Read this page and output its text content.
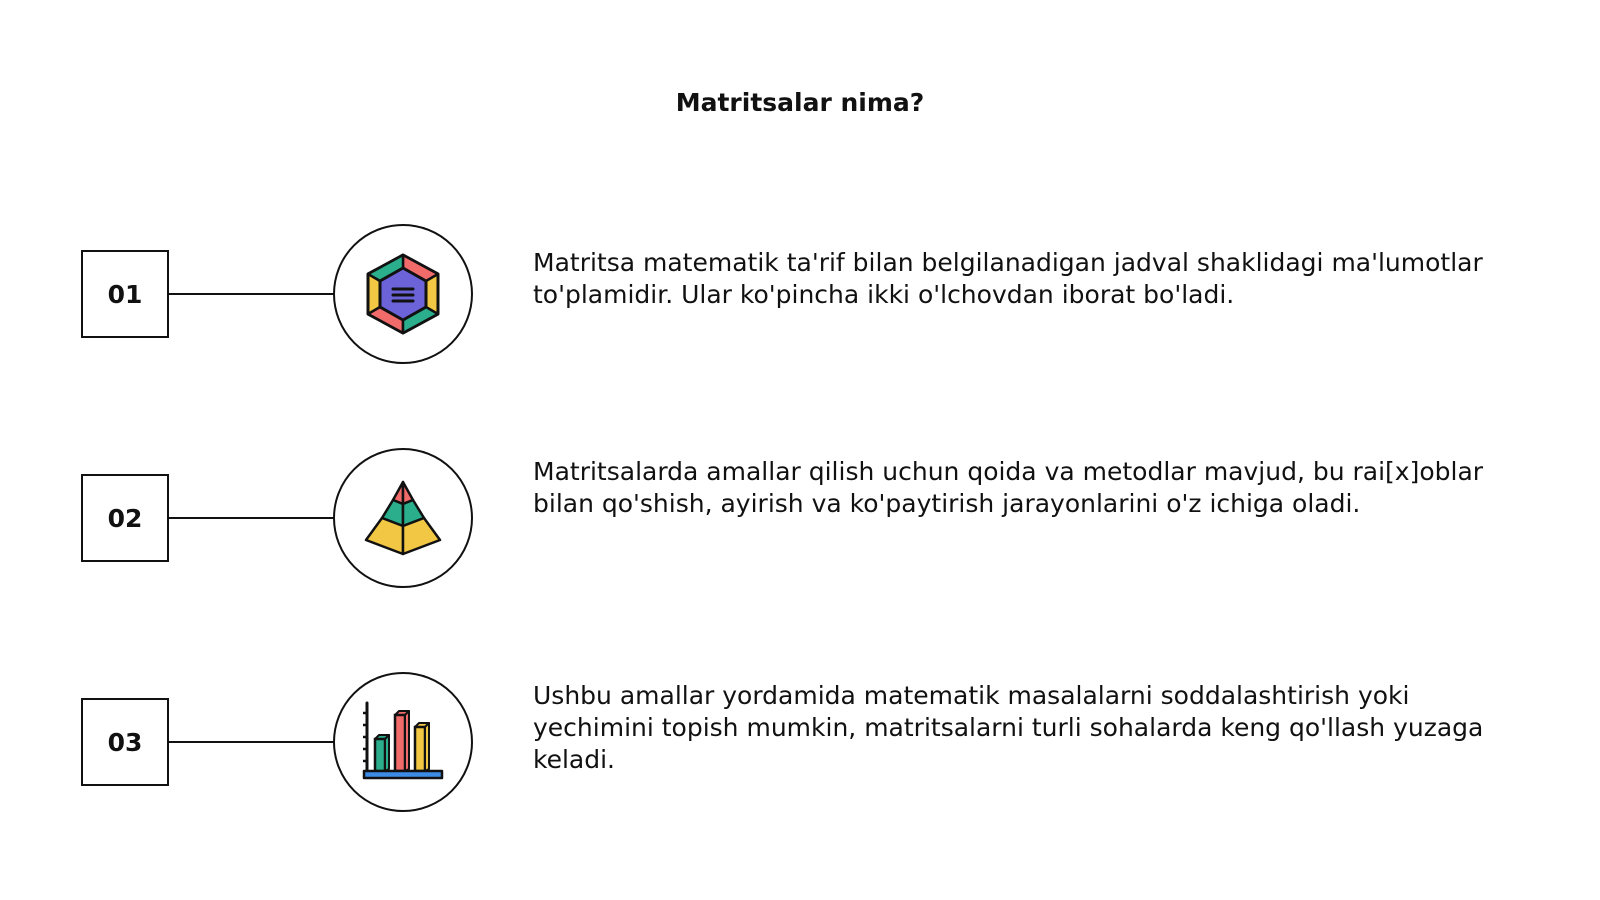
Matritsalar nima?
01
Matritsa matematik ta'rif bilan belgilanadigan jadval shaklidagi ma'lumotlar to'plamidir. Ular ko'pincha ikki o'lchovdan iborat bo'ladi.
02
Matritsalarda amallar qilish uchun qoida va metodlar mavjud, bu rai[x]oblar bilan qo'shish, ayirish va ko'paytirish jarayonlarini o'z ichiga oladi.
03
Ushbu amallar yordamida matematik masalalarni soddalashtirish yoki yechimini topish mumkin, matritsalarni turli sohalarda keng qo'llash yuzaga keladi.
